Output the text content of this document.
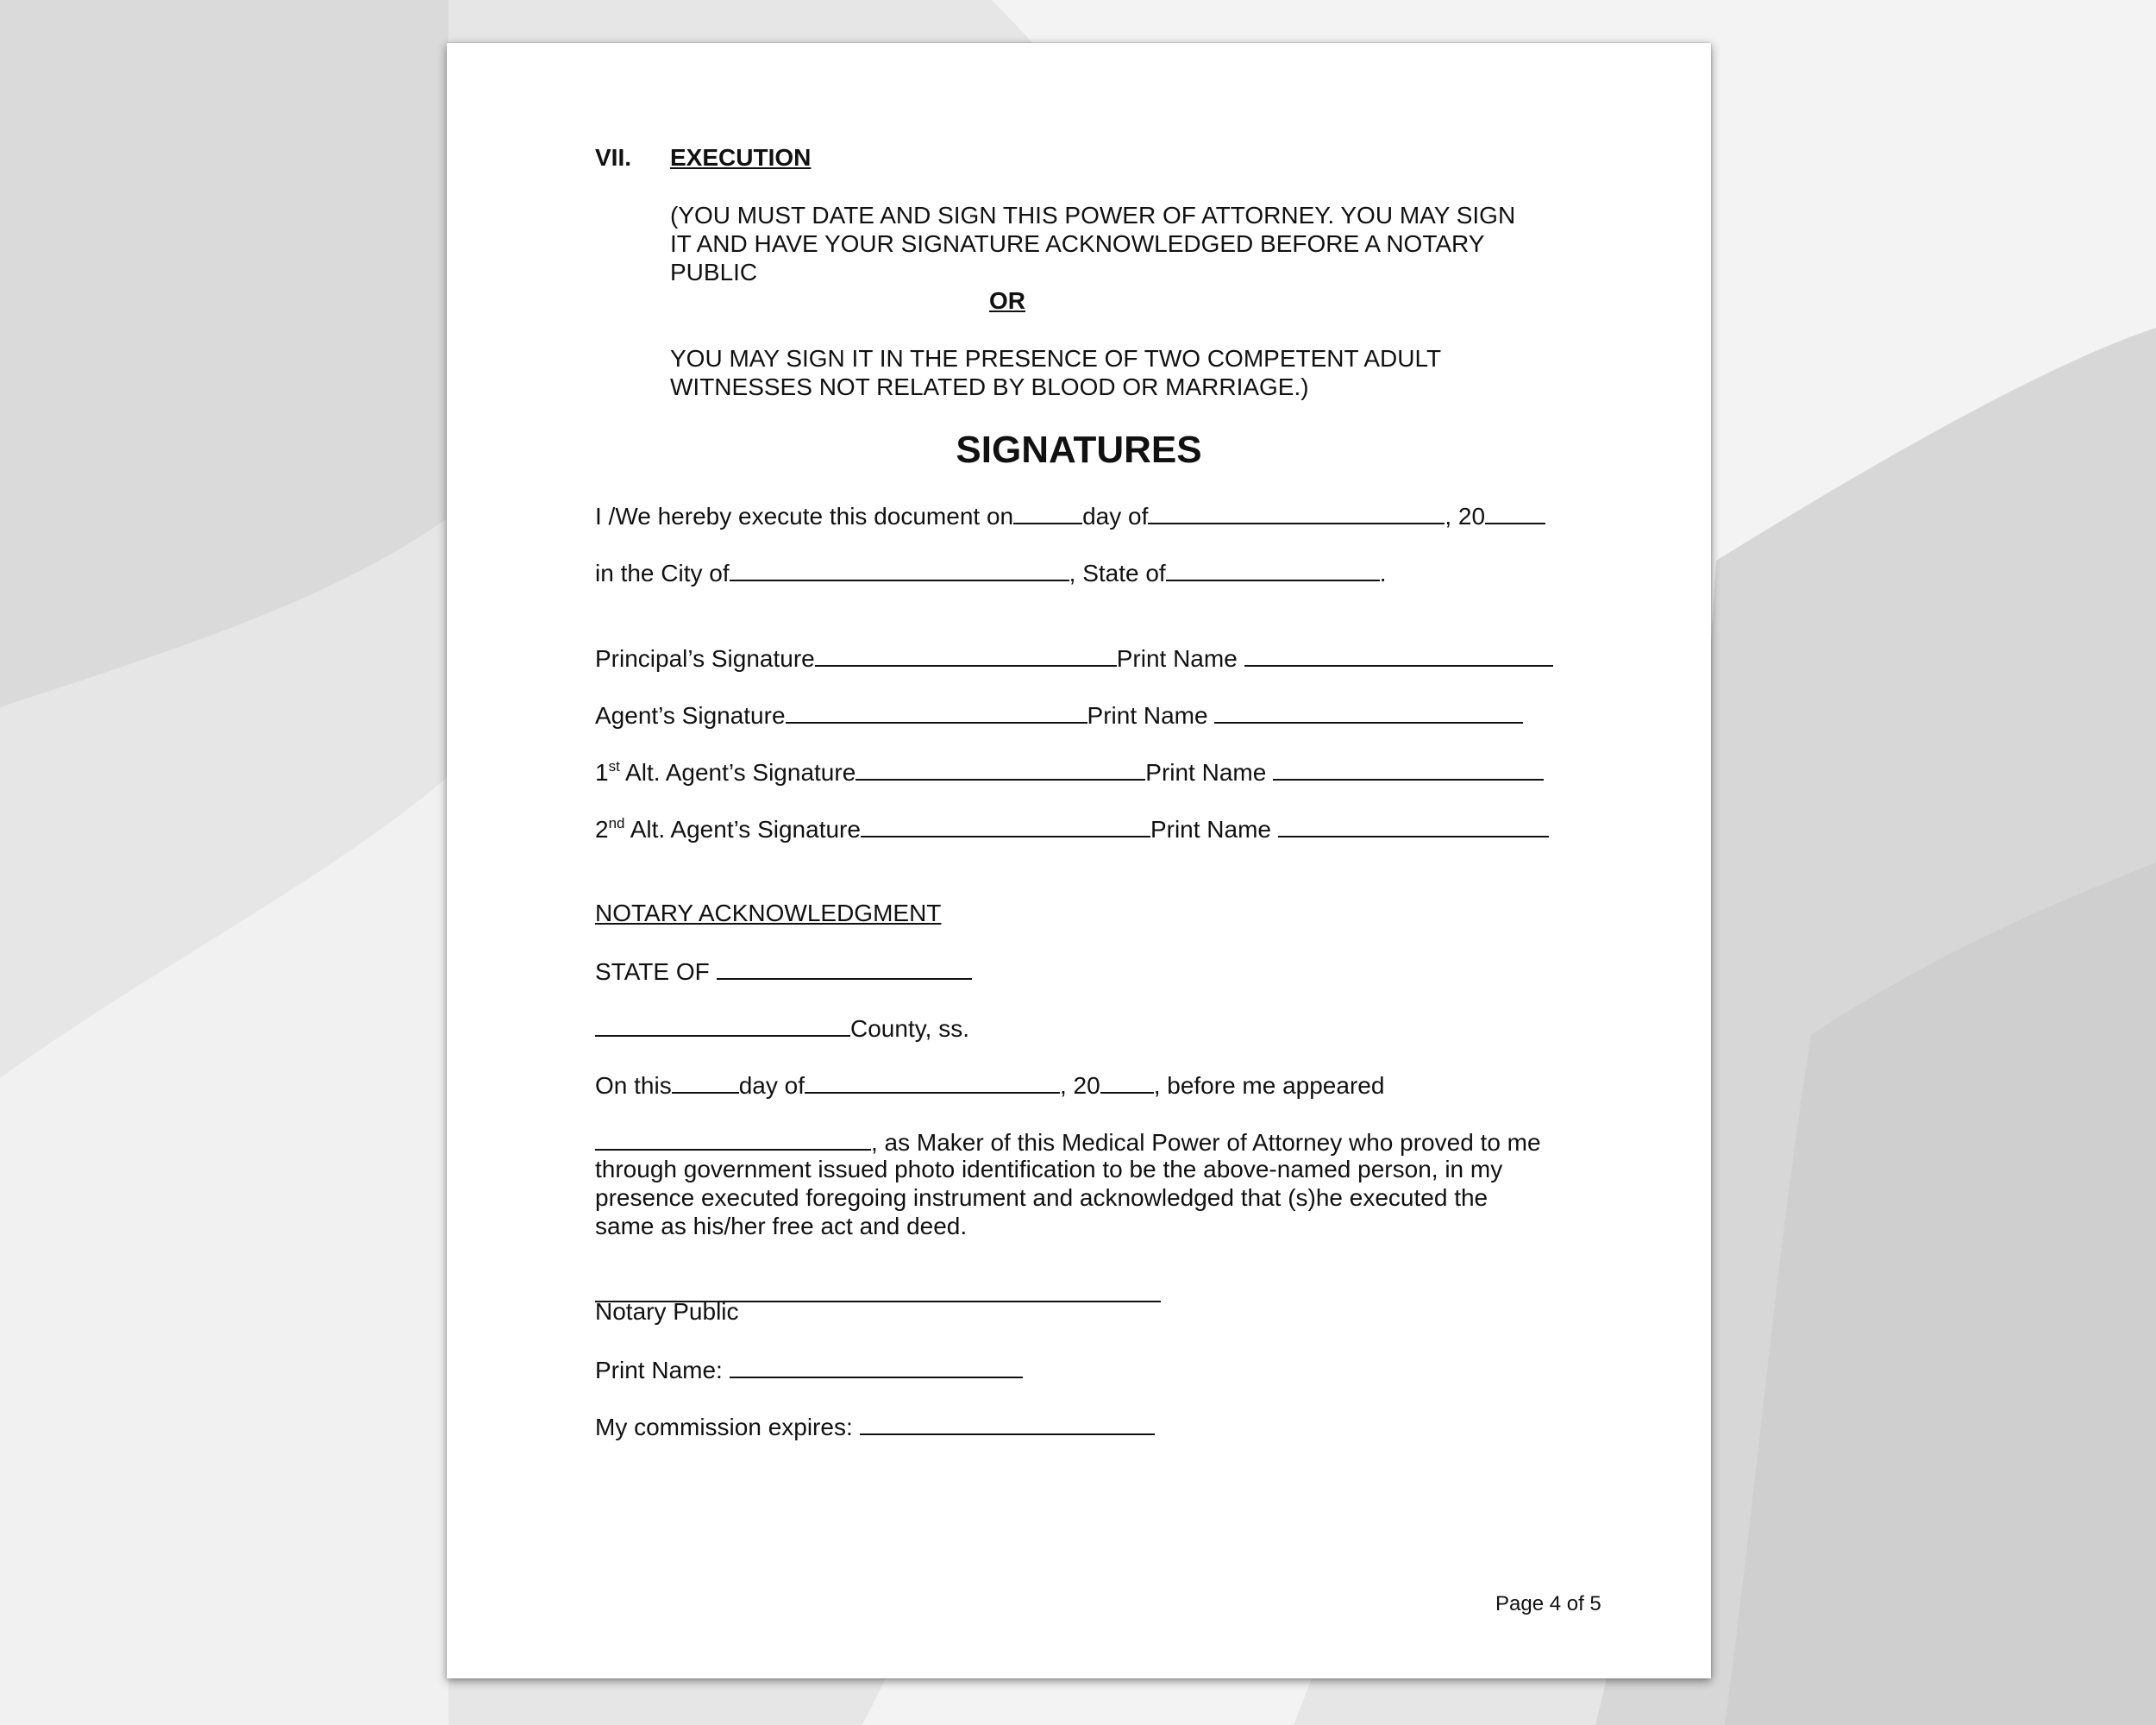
VII. EXECUTION
(YOU MUST DATE AND SIGN THIS POWER OF ATTORNEY. YOU MAY SIGN
IT AND HAVE YOUR SIGNATURE ACKNOWLEDGED BEFORE A NOTARY
PUBLIC
OR
YOU MAY SIGN IT IN THE PRESENCE OF TWO COMPETENT ADULT
WITNESSES NOT RELATED BY BLOOD OR MARRIAGE.)
SIGNATURES
I /We hereby execute this document on	day of	, 20
in the City of	, State of	.
Principal’s Signature	Print Name
Agent’s Signature	Print Name
1st Alt. Agent’s Signature	Print Name
2nd Alt. Agent’s Signature	Print Name
NOTARY ACKNOWLEDGMENT
STATE OF
County, ss.
On this	day of	, 20 , before me appeared
, as Maker of this Medical Power of Attorney who proved to me
through government issued photo identification to be the above-named person, in my
presence executed foregoing instrument and acknowledged that (s)he executed the
same as his/her free act and deed.
Notary Public
Print Name:
My commission expires:
Page 4 of 5
